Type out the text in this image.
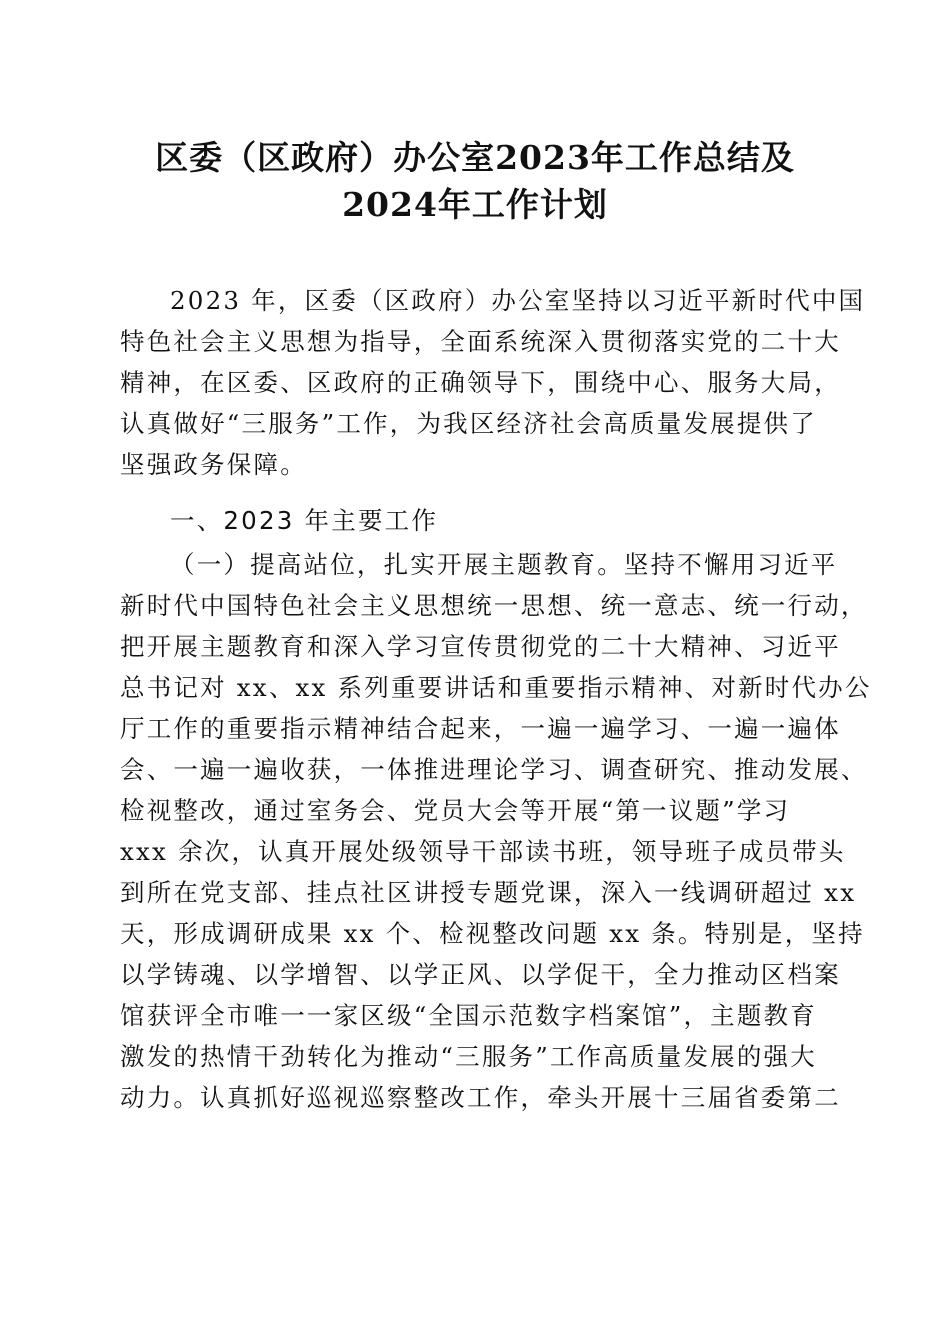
区委（区政府）办公室2023年工作总结及
2024年工作计划

2023 年，区委（区政府）办公室坚持以习近平新时代中国

特色社会主义思想为指导，全面系统深入贯彻落实党的二十大

精神，在区委、区政府的正确领导下，围绕中心、服务大局，

认真做好“三服务”工作，为我区经济社会高质量发展提供了

坚强政务保障。

一、2023 年主要工作

（一）提高站位，扎实开展主题教育。坚持不懈用习近平

新时代中国特色社会主义思想统一思想、统一意志、统一行动，

把开展主题教育和深入学习宣传贯彻党的二十大精神、习近平

总书记对 xx、xx 系列重要讲话和重要指示精神、对新时代办公

厅工作的重要指示精神结合起来，一遍一遍学习、一遍一遍体

会、一遍一遍收获，一体推进理论学习、调查研究、推动发展、

检视整改，通过室务会、党员大会等开展“第一议题”学习

xxx 余次，认真开展处级领导干部读书班，领导班子成员带头

到所在党支部、挂点社区讲授专题党课，深入一线调研超过 xx

天，形成调研成果 xx 个、检视整改问题 xx 条。特别是，坚持

以学铸魂、以学增智、以学正风、以学促干，全力推动区档案

馆获评全市唯一一家区级“全国示范数字档案馆”，主题教育

激发的热情干劲转化为推动“三服务”工作高质量发展的强大

动力。认真抓好巡视巡察整改工作，牵头开展十三届省委第二
